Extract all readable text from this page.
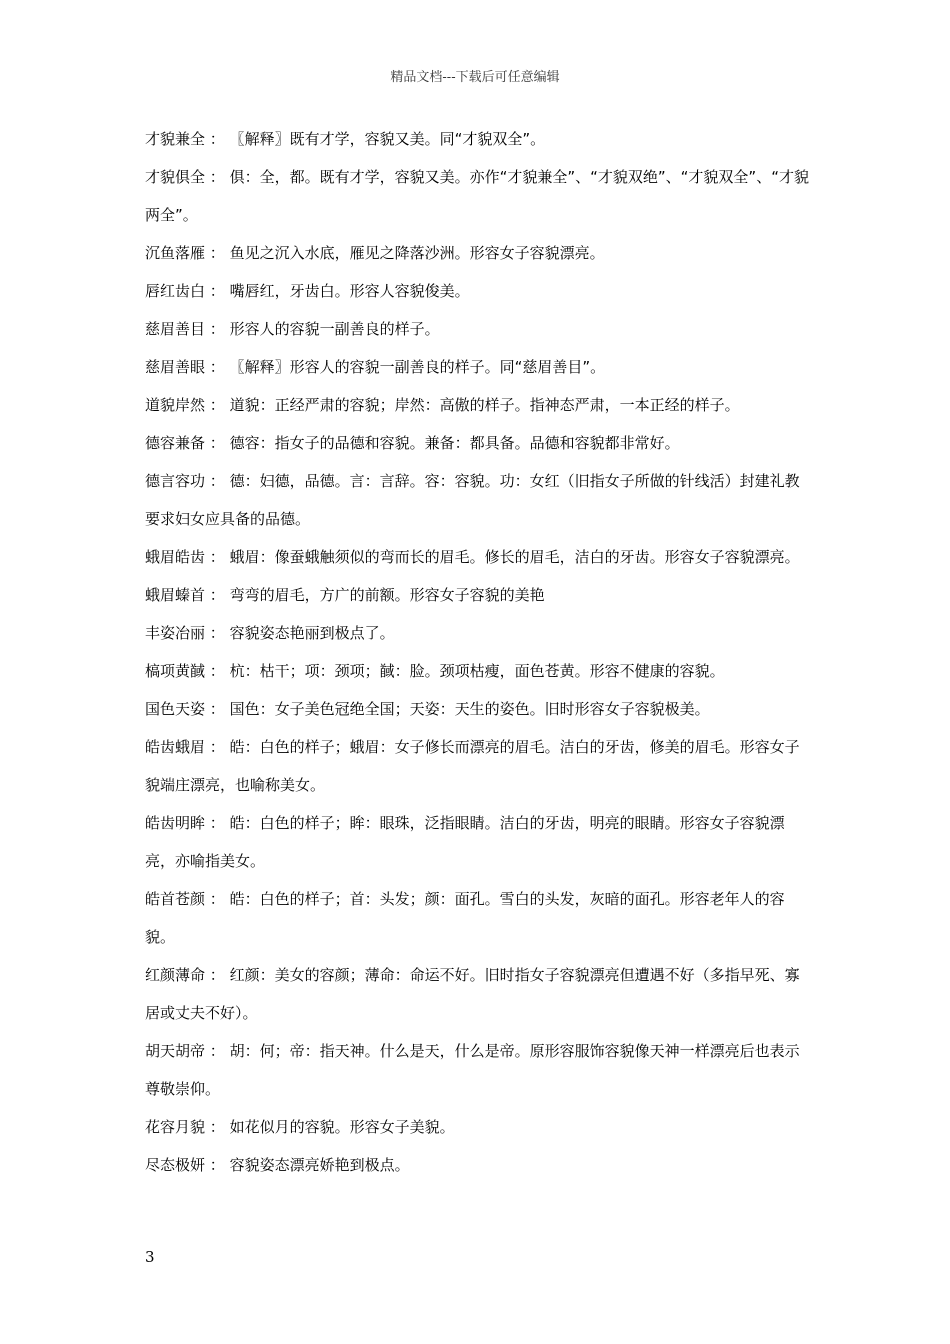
精品文档---下载后可任意编辑

才貌兼全 ： 〖解释〗既有才学，容貌又美。同“才貌双全”。

才貌俱全 ： 俱：全，都。既有才学，容貌又美。亦作“才貌兼全”、“才貌双绝”、“才貌双全”、“才貌两全”。

沉鱼落雁 ： 鱼见之沉入水底，雁见之降落沙洲。形容女子容貌漂亮。

唇红齿白 ： 嘴唇红，牙齿白。形容人容貌俊美。

慈眉善目 ： 形容人的容貌一副善良的样子。

慈眉善眼 ： 〖解释〗形容人的容貌一副善良的样子。同“慈眉善目”。

道貌岸然 ： 道貌：正经严肃的容貌；岸然：高傲的样子。指神态严肃，一本正经的样子。

德容兼备 ： 德容：指女子的品德和容貌。兼备：都具备。品德和容貌都非常好。

德言容功 ： 德：妇德，品德。言：言辞。容：容貌。功：女红（旧指女子所做的针线活）封建礼教要求妇女应具备的品德。

蛾眉皓齿 ： 蛾眉：像蚕蛾触须似的弯而长的眉毛。修长的眉毛，洁白的牙齿。形容女子容貌漂亮。

蛾眉螓首 ： 弯弯的眉毛，方广的前额。形容女子容貌的美艳

丰姿冶丽 ： 容貌姿态艳丽到极点了。

槁项黄馘 ： 杭：枯干；项：颈项；馘：脸。颈项枯瘦，面色苍黄。形容不健康的容貌。

国色天姿 ： 国色：女子美色冠绝全国；天姿：天生的姿色。旧时形容女子容貌极美。

皓齿蛾眉 ： 皓：白色的样子；蛾眉：女子修长而漂亮的眉毛。洁白的牙齿，修美的眉毛。形容女子貌端庄漂亮，也喻称美女。

皓齿明眸 ： 皓：白色的样子；眸：眼珠，泛指眼睛。洁白的牙齿，明亮的眼睛。形容女子容貌漂亮，亦喻指美女。

皓首苍颜 ： 皓：白色的样子；首：头发；颜：面孔。雪白的头发，灰暗的面孔。形容老年人的容貌。

红颜薄命 ： 红颜：美女的容颜；薄命：命运不好。旧时指女子容貌漂亮但遭遇不好（多指早死、寡居或丈夫不好）。

胡天胡帝 ： 胡：何；帝：指天神。什么是天，什么是帝。原形容服饰容貌像天神一样漂亮后也表示尊敬崇仰。

花容月貌 ： 如花似月的容貌。形容女子美貌。

尽态极妍 ： 容貌姿态漂亮娇艳到极点。

3
